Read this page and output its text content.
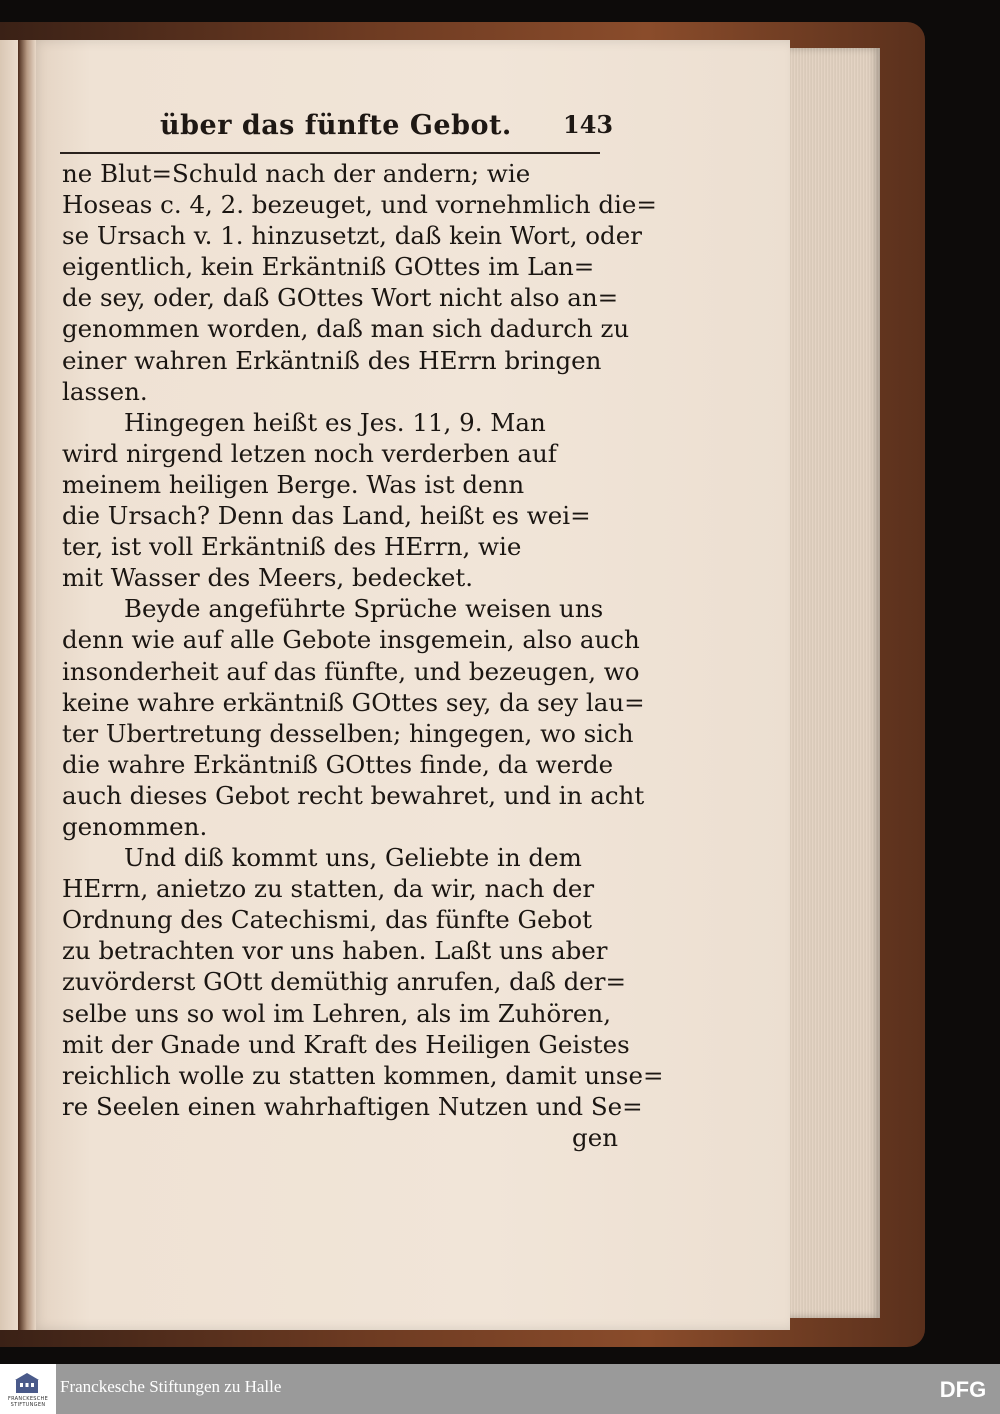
über das fünfte Gebot. 143
ne Blut=Schuld nach der andern; wie
Hoseas c. 4, 2. bezeuget, und vornehmlich die=
se Ursach v. 1. hinzusetzt, daß kein Wort, oder
eigentlich, kein Erkäntniß GOttes im Lan=
de sey, oder, daß GOttes Wort nicht also an=
genommen worden, daß man sich dadurch zu
einer wahren Erkäntniß des HErrn bringen
lassen.
Hingegen heißt es Jes. 11, 9. Man
wird nirgend letzen noch verderben auf
meinem heiligen Berge. Was ist denn
die Ursach? Denn das Land, heißt es wei=
ter, ist voll Erkäntniß des HErrn, wie
mit Wasser des Meers, bedecket.
Beyde angeführte Sprüche weisen uns
denn wie auf alle Gebote insgemein, also auch
insonderheit auf das fünfte, und bezeugen, wo
keine wahre erkäntniß GOttes sey, da sey lau=
ter Ubertretung desselben; hingegen, wo sich
die wahre Erkäntniß GOttes finde, da werde
auch dieses Gebot recht bewahret, und in acht
genommen.
Und diß kommt uns, Geliebte in dem
HErrn, anietzo zu statten, da wir, nach der
Ordnung des Catechismi, das fünfte Gebot
zu betrachten vor uns haben. Laßt uns aber
zuvörderst GOtt demüthig anrufen, daß der=
selbe uns so wol im Lehren, als im Zuhören,
mit der Gnade und Kraft des Heiligen Geistes
reichlich wolle zu statten kommen, damit unse=
re Seelen einen wahrhaftigen Nutzen und Se=
gen
FRANCKESCHE
STIFTUNGEN
Franckesche Stiftungen zu Halle	DFG
